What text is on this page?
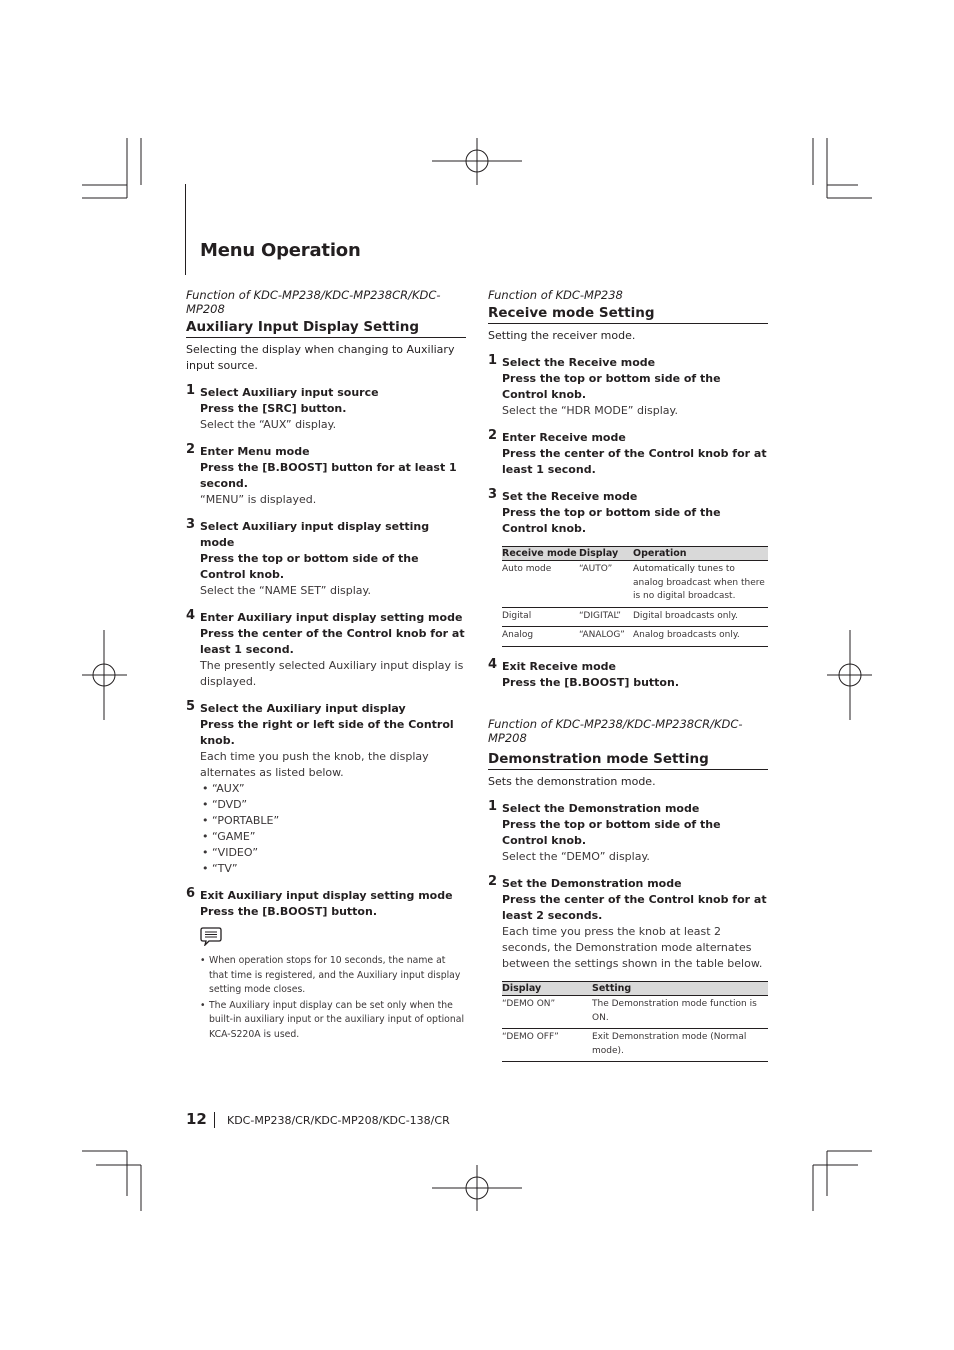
Menu Operation
Function of KDC-MP238/KDC-MP238CR/KDC-MP208
Auxiliary Input Display Setting
Selecting the display when changing to Auxiliary input source.
1 Select Auxiliary input source
Press the [SRC] button.
Select the “AUX” display.
2 Enter Menu mode
Press the [B.BOOST] button for at least 1 second.
“MENU” is displayed.
3 Select Auxiliary input display setting mode
Press the top or bottom side of the Control knob.
Select the “NAME SET” display.
4 Enter Auxiliary input display setting mode
Press the center of the Control knob for at least 1 second.
The presently selected Auxiliary input display is displayed.
5 Select the Auxiliary input display
Press the right or left side of the Control knob.
Each time you push the knob, the display alternates as listed below.
• “AUX”
• “DVD”
• “PORTABLE”
• “GAME”
• “VIDEO”
• “TV”
6 Exit Auxiliary input display setting mode
Press the [B.BOOST] button.
• When operation stops for 10 seconds, the name at that time is registered, and the Auxiliary input display setting mode closes.
• The Auxiliary input display can be set only when the built-in auxiliary input or the auxiliary input of optional KCA-S220A is used.
Function of KDC-MP238
Receive mode Setting
Setting the receiver mode.
1 Select the Receive mode
Press the top or bottom side of the Control knob.
Select the “HDR MODE” display.
2 Enter Receive mode
Press the center of the Control knob for at least 1 second.
3 Set the Receive mode
Press the top or bottom side of the Control knob.
Receive mode	Display	Operation
Auto mode	“AUTO”	Automatically tunes to analog broadcast when there is no digital broadcast.
Digital	“DIGITAL”	Digital broadcasts only.
Analog	“ANALOG”	Analog broadcasts only.
4 Exit Receive mode
Press the [B.BOOST] button.
Function of KDC-MP238/KDC-MP238CR/KDC-MP208
Demonstration mode Setting
Sets the demonstration mode.
1 Select the Demonstration mode
Press the top or bottom side of the Control knob.
Select the “DEMO” display.
2 Set the Demonstration mode
Press the center of the Control knob for at least 2 seconds.
Each time you press the knob at least 2 seconds, the Demonstration mode alternates between the settings shown in the table below.
Display	Setting
“DEMO ON”	The Demonstration mode function is ON.
“DEMO OFF”	Exit Demonstration mode (Normal mode).
12 KDC-MP238/CR/KDC-MP208/KDC-138/CR
